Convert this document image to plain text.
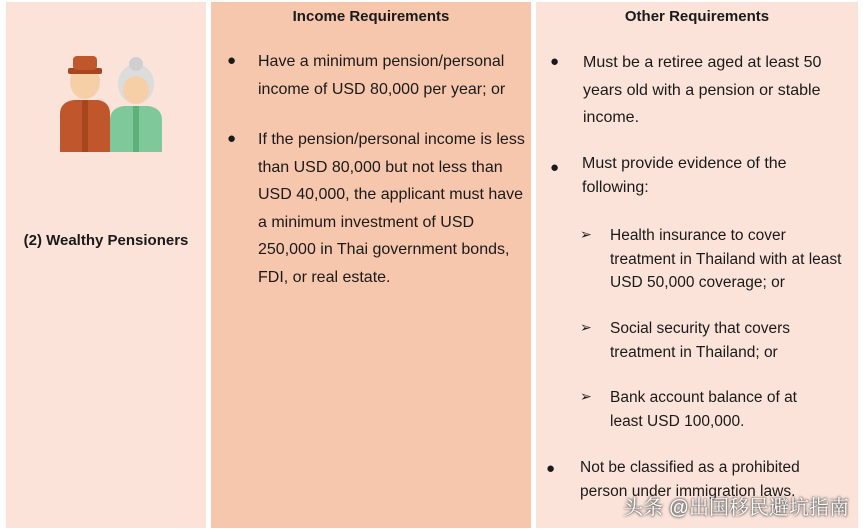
(2) Wealthy Pensioners
Income Requirements
● Have a minimum pension/personal income of USD 80,000 per year; or
● If the pension/personal income is less than USD 80,000 but not less than USD 40,000, the applicant must have a minimum investment of USD 250,000 in Thai government bonds, FDI, or real estate.
Other Requirements
● Must be a retiree aged at least 50 years old with a pension or stable income.
● Must provide evidence of the following:
➢ Health insurance to cover treatment in Thailand with at least USD 50,000 coverage; or
➢ Social security that covers treatment in Thailand; or
➢ Bank account balance of at least USD 100,000.
● Not be classified as a prohibited person under immigration laws.
头条 @出国移民避坑指南
